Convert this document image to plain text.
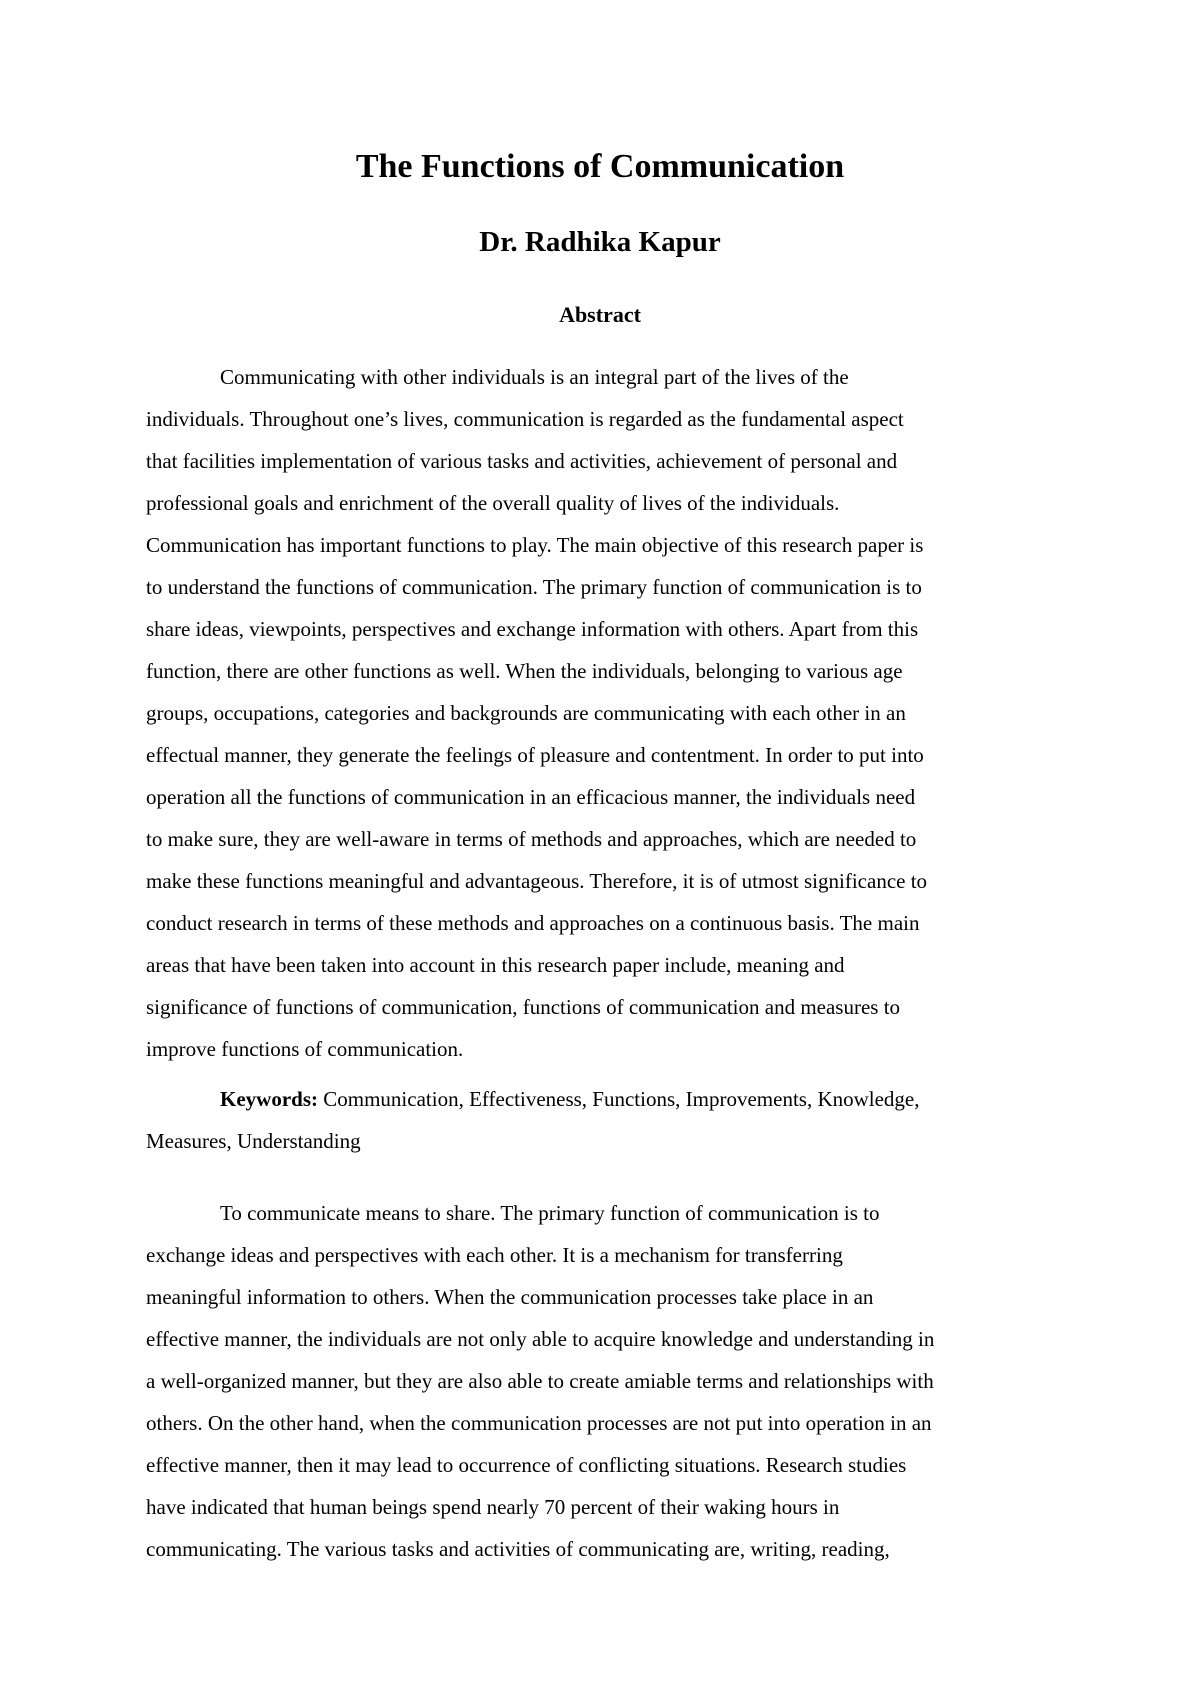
The Functions of Communication
Dr. Radhika Kapur
Abstract
Communicating with other individuals is an integral part of the lives of the
individuals. Throughout one’s lives, communication is regarded as the fundamental aspect
that facilities implementation of various tasks and activities, achievement of personal and
professional goals and enrichment of the overall quality of lives of the individuals.
Communication has important functions to play. The main objective of this research paper is
to understand the functions of communication. The primary function of communication is to
share ideas, viewpoints, perspectives and exchange information with others. Apart from this
function, there are other functions as well. When the individuals, belonging to various age
groups, occupations, categories and backgrounds are communicating with each other in an
effectual manner, they generate the feelings of pleasure and contentment. In order to put into
operation all the functions of communication in an efficacious manner, the individuals need
to make sure, they are well-aware in terms of methods and approaches, which are needed to
make these functions meaningful and advantageous. Therefore, it is of utmost significance to
conduct research in terms of these methods and approaches on a continuous basis. The main
areas that have been taken into account in this research paper include, meaning and
significance of functions of communication, functions of communication and measures to
improve functions of communication.
Keywords: Communication, Effectiveness, Functions, Improvements, Knowledge,
Measures, Understanding
To communicate means to share. The primary function of communication is to
exchange ideas and perspectives with each other. It is a mechanism for transferring
meaningful information to others. When the communication processes take place in an
effective manner, the individuals are not only able to acquire knowledge and understanding in
a well-organized manner, but they are also able to create amiable terms and relationships with
others. On the other hand, when the communication processes are not put into operation in an
effective manner, then it may lead to occurrence of conflicting situations. Research studies
have indicated that human beings spend nearly 70 percent of their waking hours in
communicating. The various tasks and activities of communicating are, writing, reading,
